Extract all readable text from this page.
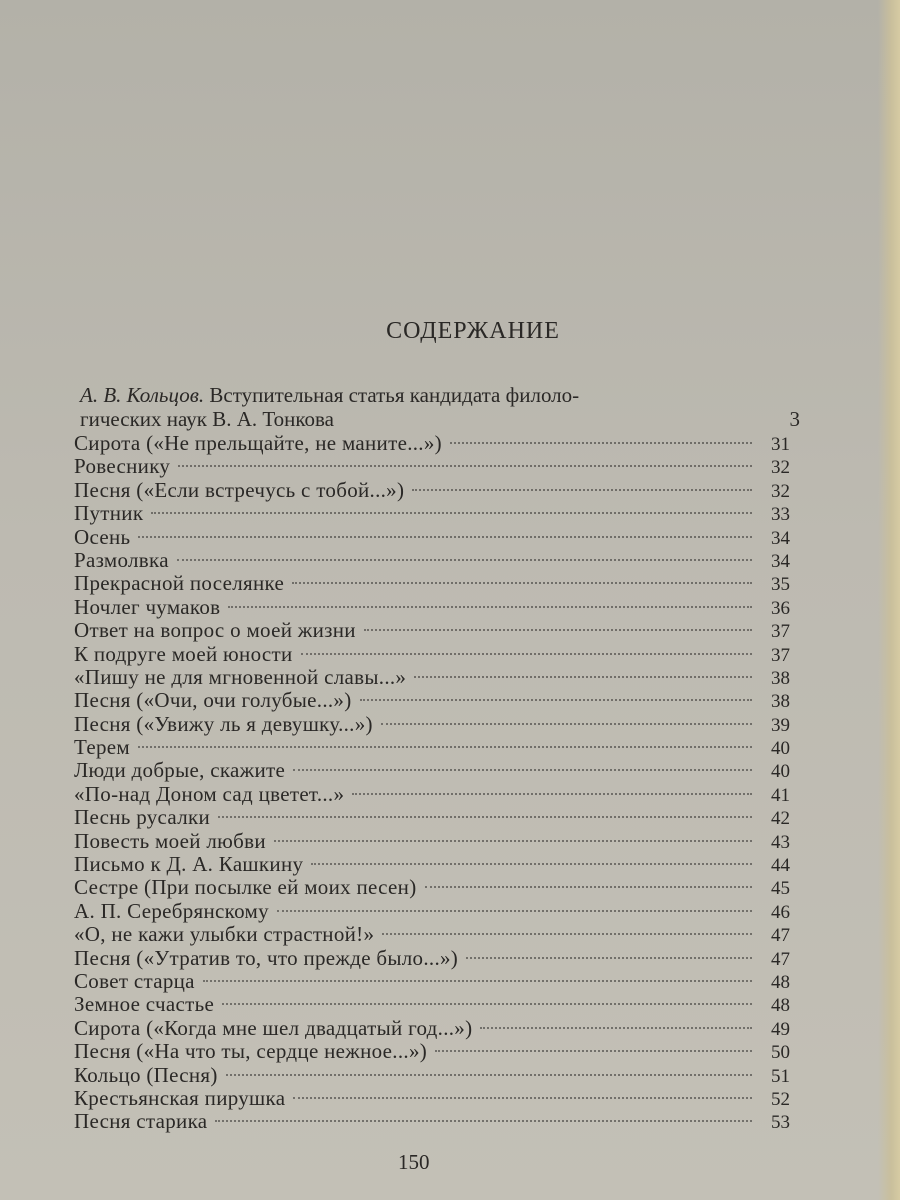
СОДЕРЖАНИЕ
А. В. Кольцов. Вступительная статья кандидата филоло-
гических наук В. А. Тонкова	3
Сирота («Не прельщайте, не маните...»)	31
Ровеснику	32
Песня («Если встречусь с тобой...»)	32
Путник	33
Осень	34
Размолвка	34
Прекрасной поселянке	35
Ночлег чумаков	36
Ответ на вопрос о моей жизни	37
К подруге моей юности	37
«Пишу не для мгновенной славы...»	38
Песня («Очи, очи голубые...»)	38
Песня («Увижу ль я девушку...»)	39
Терем	40
Люди добрые, скажите	40
«По-над Доном сад цветет...»	41
Песнь русалки	42
Повесть моей любви	43
Письмо к Д. А. Кашкину	44
Сестре (При посылке ей моих песен)	45
А. П. Серебрянскому	46
«О, не кажи улыбки страстной!»	47
Песня («Утратив то, что прежде было...»)	47
Совет старца	48
Земное счастье	48
Сирота («Когда мне шел двадцатый год...»)	49
Песня («На что ты, сердце нежное...»)	50
Кольцо (Песня)	51
Крестьянская пирушка	52
Песня старика	53
150
